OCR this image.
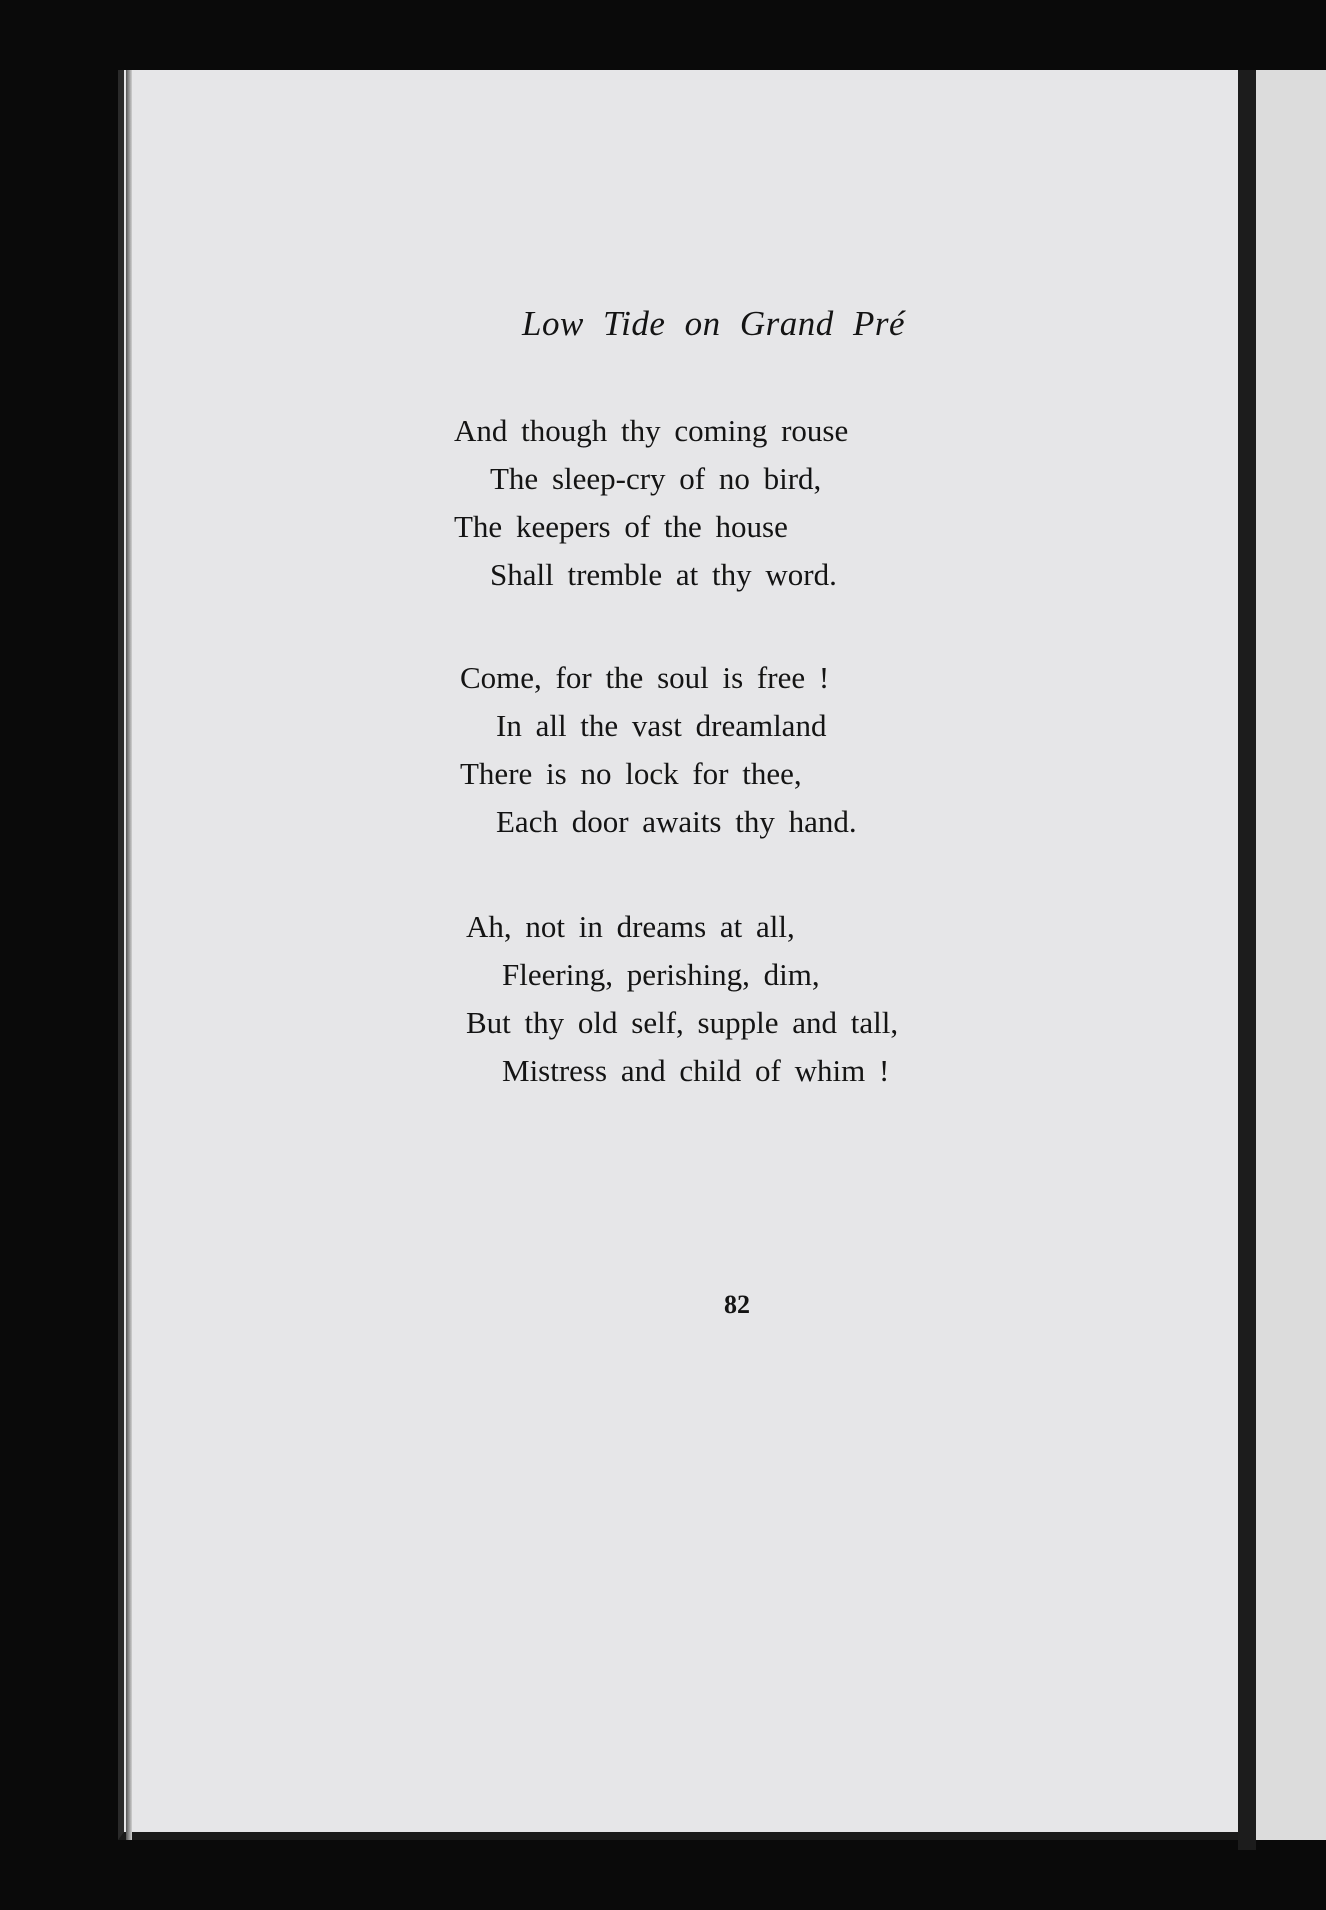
Low Tide on Grand Pré
And though thy coming rouse
The sleep-cry of no bird,
The keepers of the house
Shall tremble at thy word.
Come, for the soul is free !
In all the vast dreamland
There is no lock for thee,
Each door awaits thy hand.
Ah, not in dreams at all,
Fleering, perishing, dim,
But thy old self, supple and tall,
Mistress and child of whim !
82
